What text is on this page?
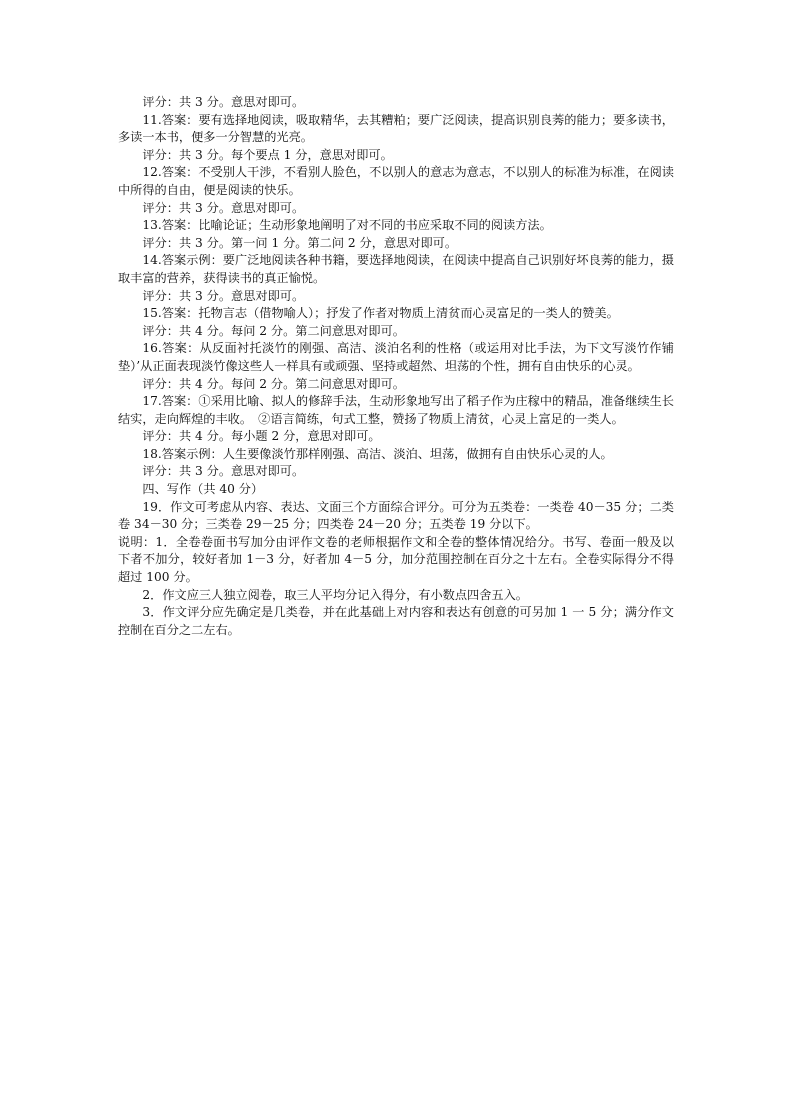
评分：共 3 分。意思对即可。

11.答案：要有选择地阅读，吸取精华，去其糟粕；要广泛阅读，提高识别良莠的能力；要多读书，多读一本书，便多一分智慧的光亮。

评分：共 3 分。每个要点 1 分，意思对即可。

12.答案：不受别人干涉，不看别人脸色，不以别人的意志为意志，不以别人的标准为标准，在阅读中所得的自由，便是阅读的快乐。

评分：共 3 分。意思对即可。

13.答案：比喻论证；生动形象地阐明了对不同的书应采取不同的阅读方法。

评分：共 3 分。第一问 1 分。第二问 2 分，意思对即可。

14.答案示例：要广泛地阅读各种书籍，要选择地阅读，在阅读中提高自己识别好坏良莠的能力，摄取丰富的营养，获得读书的真正愉悦。

评分：共 3 分。意思对即可。

15.答案：托物言志（借物喻人）；抒发了作者对物质上清贫而心灵富足的一类人的赞美。

评分：共 4 分。每问 2 分。第二问意思对即可。

16.答案：从反面衬托淡竹的刚强、高洁、淡泊名利的性格（或运用对比手法，为下文写淡竹作铺垫）’从正面表现淡竹像这些人一样具有或顽强、坚持或超然、坦荡的个性，拥有自由快乐的心灵。

评分：共 4 分。每问 2 分。第二问意思对即可。

17.答案：①采用比喻、拟人的修辞手法，生动形象地写出了稻子作为庄稼中的精品，准备继续生长结实，走向辉煌的丰收。　②语言简练，句式工整，赞扬了物质上清贫，心灵上富足的一类人。

评分：共 4 分。每小题 2 分，意思对即可。

18.答案示例：人生要像淡竹那样刚强、高洁、淡泊、坦荡，做拥有自由快乐心灵的人。

评分：共 3 分。意思对即可。

四、写作（共 40 分）

19．作文可考虑从内容、表达、文面三个方面综合评分。可分为五类卷：一类卷 40－35 分；二类卷 34－30 分；三类卷 29－25 分；四类卷 24－20 分；五类卷 19 分以下。

说明：1．全卷卷面书写加分由评作文卷的老师根据作文和全卷的整体情况给分。书写、卷面一般及以下者不加分，较好者加 1－3 分，好者加 4－5 分，加分范围控制在百分之十左右。全卷实际得分不得超过 100 分。

2．作文应三人独立阅卷，取三人平均分记入得分，有小数点四舍五入。

3．作文评分应先确定是几类卷，并在此基础上对内容和表达有创意的可另加 1 一 5 分；满分作文控制在百分之二左右。
